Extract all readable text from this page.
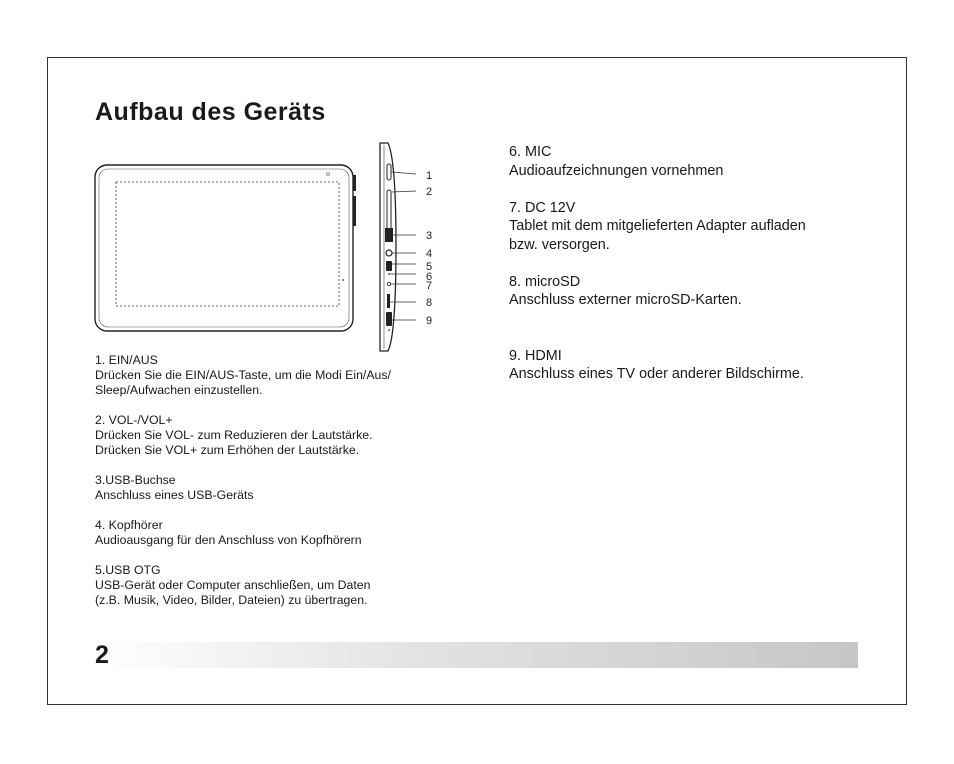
Aufbau des Geräts
1
2
3
4
5
6
7
8
9

1. EIN/AUS

Drücken Sie die EIN/AUS-Taste, um die Modi Ein/Aus/

Sleep/Aufwachen einzustellen.

2. VOL-/VOL+

Drücken Sie VOL- zum Reduzieren der Lautstärke.

Drücken Sie VOL+ zum Erhöhen der Lautstärke.

3.USB-Buchse

Anschluss eines USB-Geräts

4. Kopfhörer

Audioausgang für den Anschluss von Kopfhörern

5.USB OTG

USB-Gerät oder Computer anschließen, um Daten

(z.B. Musik, Video, Bilder, Dateien) zu übertragen.

6. MIC

Audioaufzeichnungen vornehmen

7. DC 12V

Tablet mit dem mitgelieferten Adapter aufladen

bzw. versorgen.

8. microSD

Anschluss externer microSD-Karten.

9. HDMI

Anschluss eines TV oder anderer Bildschirme.

2
